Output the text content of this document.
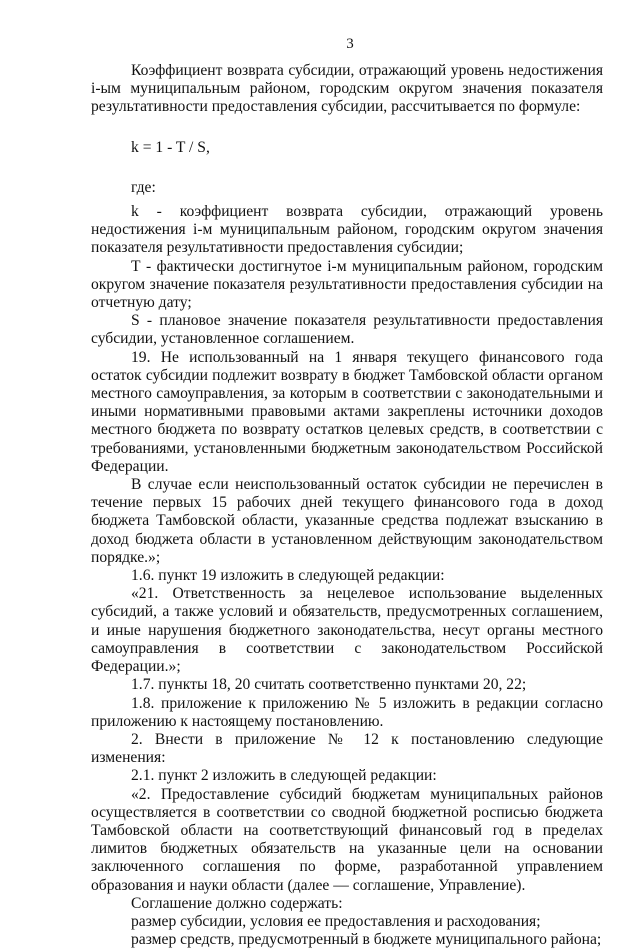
3

Коэффициент возврата субсидии, отражающий уровень недостижения i-ым муниципальным районом, городским округом значения показателя результативности предоставления субсидии, рассчитывается по формуле:

k = 1 - T / S,

где:

k - коэффициент возврата субсидии, отражающий уровень недостижения i-м муниципальным районом, городским округом значения показателя результативности предоставления субсидии;

Т - фактически достигнутое i-м муниципальным районом, городским округом значение показателя результативности предоставления субсидии на отчетную дату;

S - плановое значение показателя результативности предоставления субсидии, установленное соглашением.

19. Не использованный на 1 января текущего финансового года остаток субсидии подлежит возврату в бюджет Тамбовской области органом местного самоуправления, за которым в соответствии с законодательными и иными нормативными правовыми актами закреплены источники доходов местного бюджета по возврату остатков целевых средств, в соответствии с требованиями, установленными бюджетным законодательством Российской Федерации.

В случае если неиспользованный остаток субсидии не перечислен в течение первых 15 рабочих дней текущего финансового года в доход бюджета Тамбовской области, указанные средства подлежат взысканию в доход бюджета области в установленном действующим законодательством порядке.»;

1.6. пункт 19 изложить в следующей редакции:

«21. Ответственность за нецелевое использование выделенных субсидий, а также условий и обязательств, предусмотренных соглашением, и иные нарушения бюджетного законодательства, несут органы местного самоуправления в соответствии с законодательством Российской Федерации.»;

1.7. пункты 18, 20 считать соответственно пунктами 20, 22;

1.8. приложение к приложению № 5 изложить в редакции согласно приложению к настоящему постановлению.

2. Внести в приложение № 12 к постановлению следующие изменения:

2.1. пункт 2 изложить в следующей редакции:

«2. Предоставление субсидий бюджетам муниципальных районов осуществляется в соответствии со сводной бюджетной росписью бюджета Тамбовской области на соответствующий финансовый год в пределах лимитов бюджетных обязательств на указанные цели на основании заключенного соглашения по форме, разработанной управлением образования и науки области (далее — соглашение, Управление).

Соглашение должно содержать:

размер субсидии, условия ее предоставления и расходования;

размер средств, предусмотренный в бюджете муниципального района;
